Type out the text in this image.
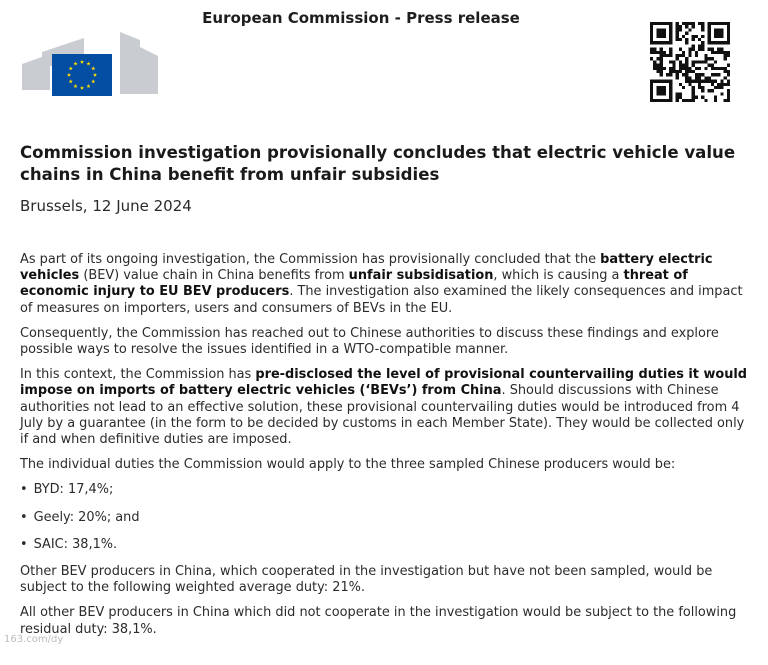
European Commission - Press release
Commission investigation provisionally concludes that electric vehicle value chains in China benefit from unfair subsidies
Brussels, 12 June 2024

As part of its ongoing investigation, the Commission has provisionally concluded that the battery electric vehicles (BEV) value chain in China benefits from unfair subsidisation, which is causing a threat of economic injury to EU BEV producers. The investigation also examined the likely consequences and impact of measures on importers, users and consumers of BEVs in the EU.

Consequently, the Commission has reached out to Chinese authorities to discuss these findings and explore possible ways to resolve the issues identified in a WTO-compatible manner.

In this context, the Commission has pre-disclosed the level of provisional countervailing duties it would impose on imports of battery electric vehicles (‘BEVs’) from China. Should discussions with Chinese authorities not lead to an effective solution, these provisional countervailing duties would be introduced from 4 July by a guarantee (in the form to be decided by customs in each Member State). They would be collected only if and when definitive duties are imposed.

The individual duties the Commission would apply to the three sampled Chinese producers would be:

• BYD: 17,4%;
• Geely: 20%; and
• SAIC: 38,1%.

Other BEV producers in China, which cooperated in the investigation but have not been sampled, would be subject to the following weighted average duty: 21%.

All other BEV producers in China which did not cooperate in the investigation would be subject to the following residual duty: 38,1%.

163.com/dy
